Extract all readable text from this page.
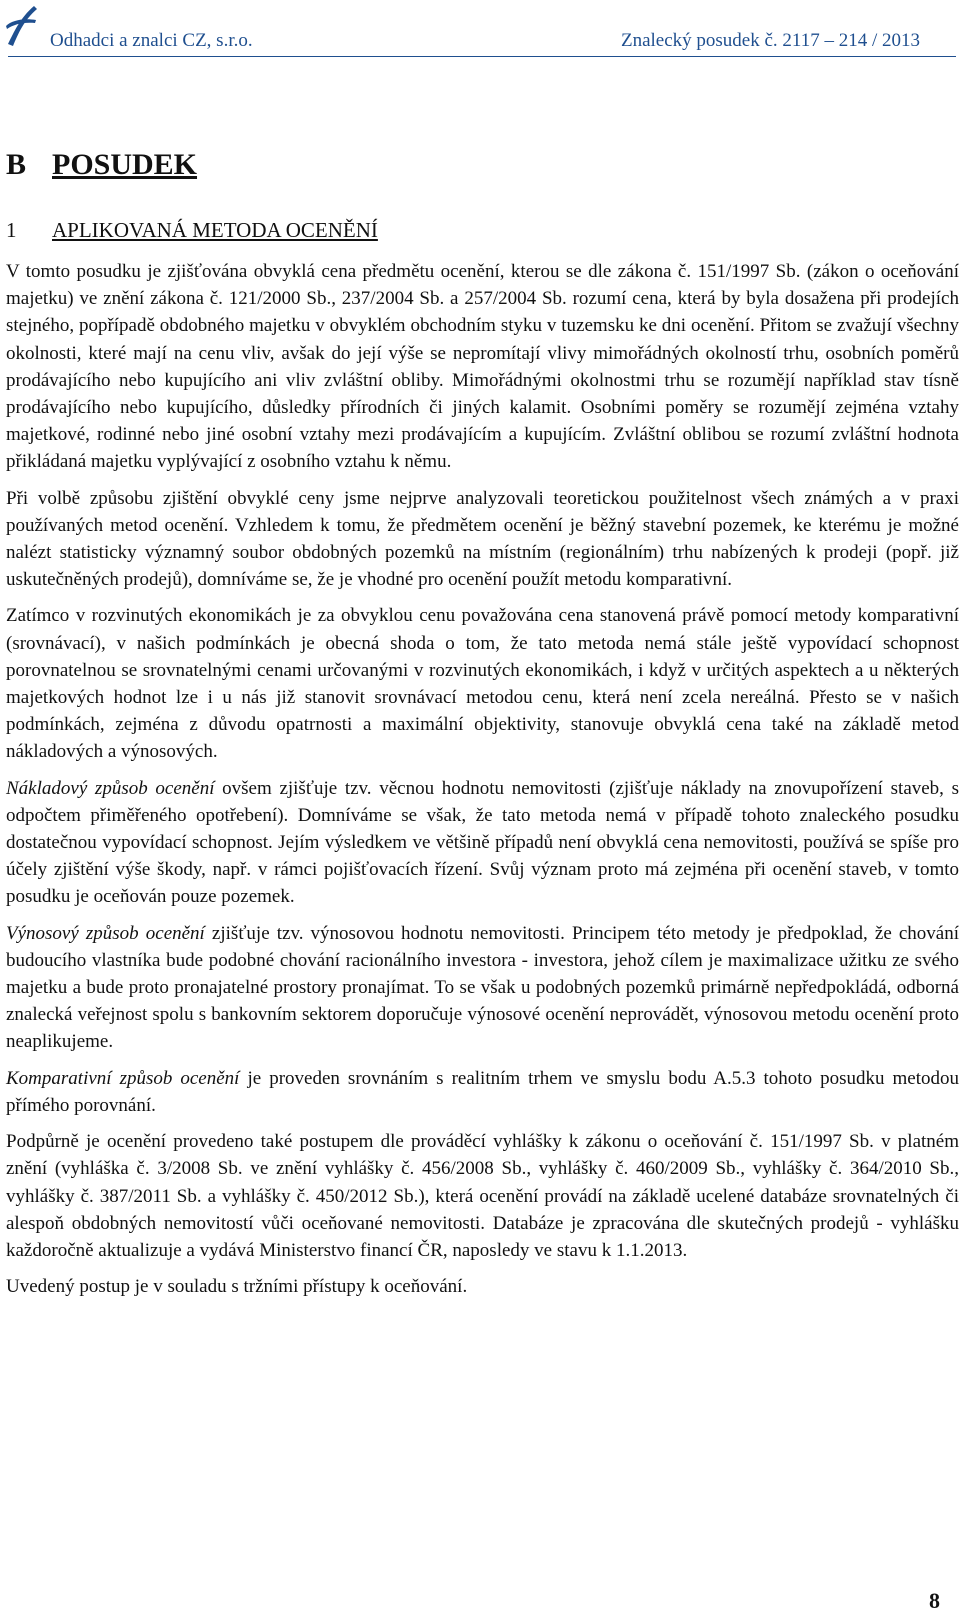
Odhadci a znalci CZ, s.r.o.	Znalecký posudek č. 2117 – 214 / 2013
B POSUDEK
1 APLIKOVANÁ METODA OCENĚNÍ

V tomto posudku je zjišťována obvyklá cena předmětu ocenění, kterou se dle zákona č. 151/1997 Sb. (zákon o oceňování majetku) ve znění zákona č. 121/2000 Sb., 237/2004 Sb. a 257/2004 Sb. rozumí cena, která by byla dosažena při prodejích stejného, popřípadě obdobného majetku v obvyklém obchodním styku v tuzemsku ke dni ocenění. Přitom se zvažují všechny okolnosti, které mají na cenu vliv, avšak do její výše se nepromítají vlivy mimořádných okolností trhu, osobních poměrů prodávajícího nebo kupujícího ani vliv zvláštní obliby. Mimořádnými okolnostmi trhu se rozumějí například stav tísně prodávajícího nebo kupujícího, důsledky přírodních či jiných kalamit. Osobními poměry se rozumějí zejména vztahy majetkové, rodinné nebo jiné osobní vztahy mezi prodávajícím a kupujícím. Zvláštní oblibou se rozumí zvláštní hodnota přikládaná majetku vyplývající z osobního vztahu k němu.

Při volbě způsobu zjištění obvyklé ceny jsme nejprve analyzovali teoretickou použitelnost všech známých a v praxi používaných metod ocenění. Vzhledem k tomu, že předmětem ocenění je běžný stavební pozemek, ke kterému je možné nalézt statisticky významný soubor obdobných pozemků na místním (regionálním) trhu nabízených k prodeji (popř. již uskutečněných prodejů), domníváme se, že je vhodné pro ocenění použít metodu komparativní.

Zatímco v rozvinutých ekonomikách je za obvyklou cenu považována cena stanovená právě pomocí metody komparativní (srovnávací), v našich podmínkách je obecná shoda o tom, že tato metoda nemá stále ještě vypovídací schopnost porovnatelnou se srovnatelnými cenami určovanými v rozvinutých ekonomikách, i když v určitých aspektech a u některých majetkových hodnot lze i u nás již stanovit srovnávací metodou cenu, která není zcela nereálná. Přesto se v našich podmínkách, zejména z důvodu opatrnosti a maximální objektivity, stanovuje obvyklá cena také na základě metod nákladových a výnosových.

Nákladový způsob ocenění ovšem zjišťuje tzv. věcnou hodnotu nemovitosti (zjišťuje náklady na znovupořízení staveb, s odpočtem přiměřeného opotřebení). Domníváme se však, že tato metoda nemá v případě tohoto znaleckého posudku dostatečnou vypovídací schopnost. Jejím výsledkem ve většině případů není obvyklá cena nemovitosti, používá se spíše pro účely zjištění výše škody, např. v rámci pojišťovacích řízení. Svůj význam proto má zejména při ocenění staveb, v tomto posudku je oceňován pouze pozemek.

Výnosový způsob ocenění zjišťuje tzv. výnosovou hodnotu nemovitosti. Principem této metody je předpoklad, že chování budoucího vlastníka bude podobné chování racionálního investora - investora, jehož cílem je maximalizace užitku ze svého majetku a bude proto pronajatelné prostory pronajímat. To se však u podobných pozemků primárně nepředpokládá, odborná znalecká veřejnost spolu s bankovním sektorem doporučuje výnosové ocenění neprovádět, výnosovou metodu ocenění proto neaplikujeme.

Komparativní způsob ocenění je proveden srovnáním s realitním trhem ve smyslu bodu A.5.3 tohoto posudku metodou přímého porovnání.

Podpůrně je ocenění provedeno také postupem dle prováděcí vyhlášky k zákonu o oceňování č. 151/1997 Sb. v platném znění (vyhláška č. 3/2008 Sb. ve znění vyhlášky č. 456/2008 Sb., vyhlášky č. 460/2009 Sb., vyhlášky č. 364/2010 Sb., vyhlášky č. 387/2011 Sb. a vyhlášky č. 450/2012 Sb.), která ocenění provádí na základě ucelené databáze srovnatelných či alespoň obdobných nemovitostí vůči oceňované nemovitosti. Databáze je zpracována dle skutečných prodejů - vyhlášku každoročně aktualizuje a vydává Ministerstvo financí ČR, naposledy ve stavu k 1.1.2013.

Uvedený postup je v souladu s tržními přístupy k oceňování.

8
